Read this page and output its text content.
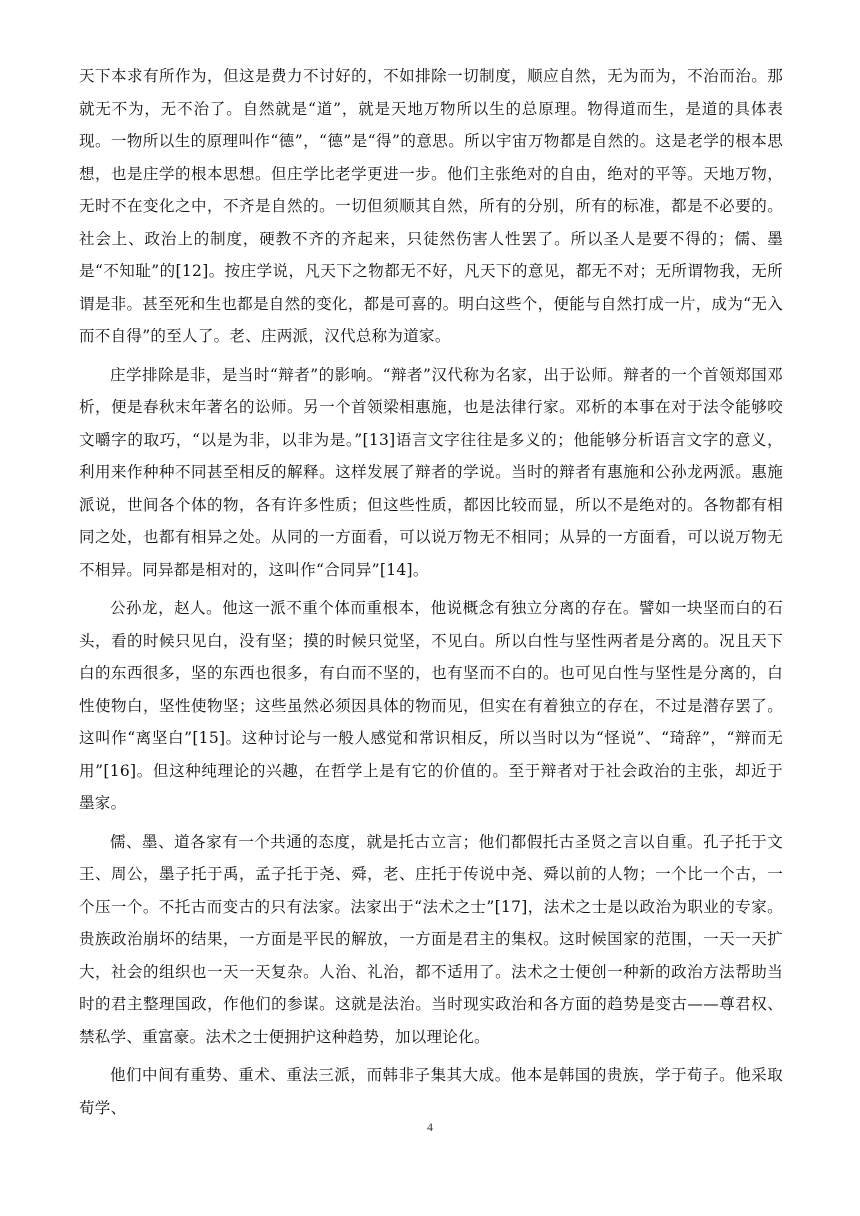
天下本求有所作为，但这是费力不讨好的，不如排除一切制度，顺应自然，无为而为，不治而治。那就无不为，无不治了。自然就是“道”，就是天地万物所以生的总原理。物得道而生，是道的具体表现。一物所以生的原理叫作“德”，“德”是“得”的意思。所以宇宙万物都是自然的。这是老学的根本思想，也是庄学的根本思想。但庄学比老学更进一步。他们主张绝对的自由，绝对的平等。天地万物，无时不在变化之中，不齐是自然的。一切但须顺其自然，所有的分别，所有的标准，都是不必要的。社会上、政治上的制度，硬教不齐的齐起来，只徒然伤害人性罢了。所以圣人是要不得的；儒、墨是“不知耻”的[12]。按庄学说，凡天下之物都无不好，凡天下的意见，都无不对；无所谓物我，无所谓是非。甚至死和生也都是自然的变化，都是可喜的。明白这些个，便能与自然打成一片，成为“无入而不自得”的至人了。老、庄两派，汉代总称为道家。

庄学排除是非，是当时“辩者”的影响。“辩者”汉代称为名家，出于讼师。辩者的一个首领郑国邓析，便是春秋末年著名的讼师。另一个首领梁相惠施，也是法律行家。邓析的本事在对于法令能够咬文嚼字的取巧，“以是为非，以非为是。”[13]语言文字往往是多义的；他能够分析语言文字的意义，利用来作种种不同甚至相反的解释。这样发展了辩者的学说。当时的辩者有惠施和公孙龙两派。惠施派说，世间各个体的物，各有许多性质；但这些性质，都因比较而显，所以不是绝对的。各物都有相同之处，也都有相异之处。从同的一方面看，可以说万物无不相同；从异的一方面看，可以说万物无不相异。同异都是相对的，这叫作“合同异”[14]。

公孙龙，赵人。他这一派不重个体而重根本，他说概念有独立分离的存在。譬如一块坚而白的石头，看的时候只见白，没有坚；摸的时候只觉坚，不见白。所以白性与坚性两者是分离的。况且天下白的东西很多，坚的东西也很多，有白而不坚的，也有坚而不白的。也可见白性与坚性是分离的，白性使物白，坚性使物坚；这些虽然必须因具体的物而见，但实在有着独立的存在，不过是潜存罢了。这叫作“离坚白”[15]。这种讨论与一般人感觉和常识相反，所以当时以为“怪说”、“琦辞”，“辩而无用”[16]。但这种纯理论的兴趣，在哲学上是有它的价值的。至于辩者对于社会政治的主张，却近于墨家。

儒、墨、道各家有一个共通的态度，就是托古立言；他们都假托古圣贤之言以自重。孔子托于文王、周公，墨子托于禹，孟子托于尧、舜，老、庄托于传说中尧、舜以前的人物；一个比一个古，一个压一个。不托古而变古的只有法家。法家出于“法术之士”[17]，法术之士是以政治为职业的专家。贵族政治崩坏的结果，一方面是平民的解放，一方面是君主的集权。这时候国家的范围，一天一天扩大，社会的组织也一天一天复杂。人治、礼治，都不适用了。法术之士便创一种新的政治方法帮助当时的君主整理国政，作他们的参谋。这就是法治。当时现实政治和各方面的趋势是变古——尊君权、禁私学、重富豪。法术之士便拥护这种趋势，加以理论化。

他们中间有重势、重术、重法三派，而韩非子集其大成。他本是韩国的贵族，学于荀子。他采取荀学、

4
